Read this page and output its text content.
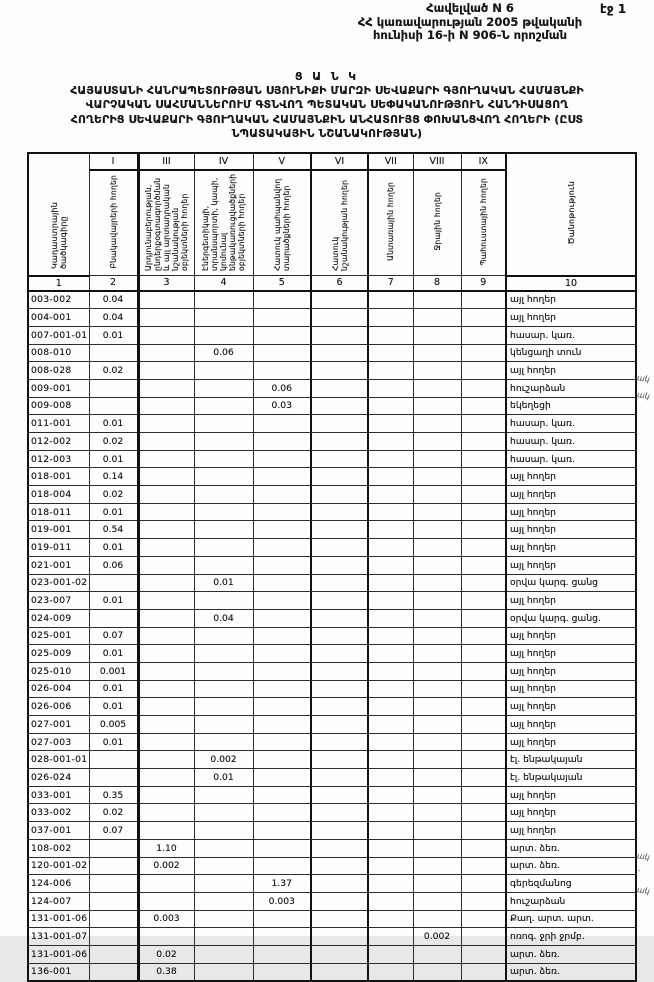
էջ 1
Հավելված N 6
ՀՀ կառավարության 2005 թվականի
հունիսի 16-ի N 906-Ն որոշման
Ց Ա Ն Կ
ՀԱՅԱՍՏԱՆԻ ՀԱՆՐԱՊԵՏՈՒԹՅԱՆ ՍՅՈՒՆԻՔԻ ՄԱՐԶԻ ՍԵՎԱՔԱՐԻ ԳՅՈՒՂԱԿԱՆ ՀԱՄԱՅՆՔԻ
ՎԱՐՉԱԿԱՆ ՍԱՀՄԱՆՆԵՐՈՒՄ ԳՏՆՎՈՂ ՊԵՏԱԿԱՆ ՍԵՓԱԿԱՆՈՒԹՅՈՒՆ ՀԱՆԴԻՍԱՑՈՂ
ՀՈՂԵՐԻՑ ՍԵՎԱՔԱՐԻ ԳՅՈՒՂԱԿԱՆ ՀԱՄԱՅՆՔԻՆ ԱՆՀԱՏՈՒՅՑ ՓՈԽԱՆՑՎՈՂ ՀՈՂԵՐԻ (ԸՍՏ
ՆՊԱՏԱԿԱՅԻՆ ՆՇԱՆԱԿՈՒԹՅԱՆ)
Կադաստրային ծածկագիրը	I	III	IV	V	VI	VII	VIII	IX	Ծանոթություն
	Բնակավայրերի հողեր	Արդյունաբերության, ընդերքօգտագործման և այլ արտադրական նշանակության օբյեկտների հողեր	Էներգետիկայի, տրանսպորտի, կապի, կոմունալ ենթակառուցվածքների օբյեկտների հողեր	Հատուկ պահպանվող տարածքների հողեր	Հատուկ նշանակության հողեր	Անտառային հողեր	Ջրային հողեր	Պահուստային հողեր	
1	2	3	4	5	6	7	8	9	10
003-002	0.04								այլ հողեր
004-001	0.04								այլ հողեր
007-001-01	0.01								հասար. կառ.
008-010			0.06						կենցաղի տուն
008-028	0.02								այլ հողեր
009-001				0.06					հուշարձան
009-008				0.03					եկեղեցի
011-001	0.01								հասար. կառ.
012-002	0.02								հասար. կառ.
012-003	0.01								հասար. կառ.
018-001	0.14								այլ հողեր
018-004	0.02								այլ հողեր
018-011	0.01								այլ հողեր
019-001	0.54								այլ հողեր
019-011	0.01								այլ հողեր
021-001	0.06								այլ հողեր
023-001-02			0.01						օրվա կարգ. ցանց
023-007	0.01								այլ հողեր
024-009			0.04						օրվա կարգ. ցանց.
025-001	0.07								այլ հողեր
025-009	0.01								այլ հողեր
025-010	0.001								այլ հողեր
026-004	0.01								այլ հողեր
026-006	0.01								այլ հողեր
027-001	0.005								այլ հողեր
027-003	0.01								այլ հողեր
028-001-01			0.002						էլ. ենթակայան
026-024			0.01						էլ. ենթակայան
033-001	0.35								այլ հողեր
033-002	0.02								այլ հողեր
037-001	0.07								այլ հողեր
108-002		1.10							արտ. ձեռ.
120-001-02		0.002							արտ. ձեռ.
124-006				1.37					գերեզմանոց
124-007				0.003					հուշարձան
131-001-06		0.003							Քաղ. արտ. արտ.
131-001-07							0.002		ոռոգ. ջրի ջրմբ.
131-001-06		0.02							արտ. ձեռ.
136-001		0.38							արտ. ձեռ.
ակ
ակ
ակ
՝
ակ
